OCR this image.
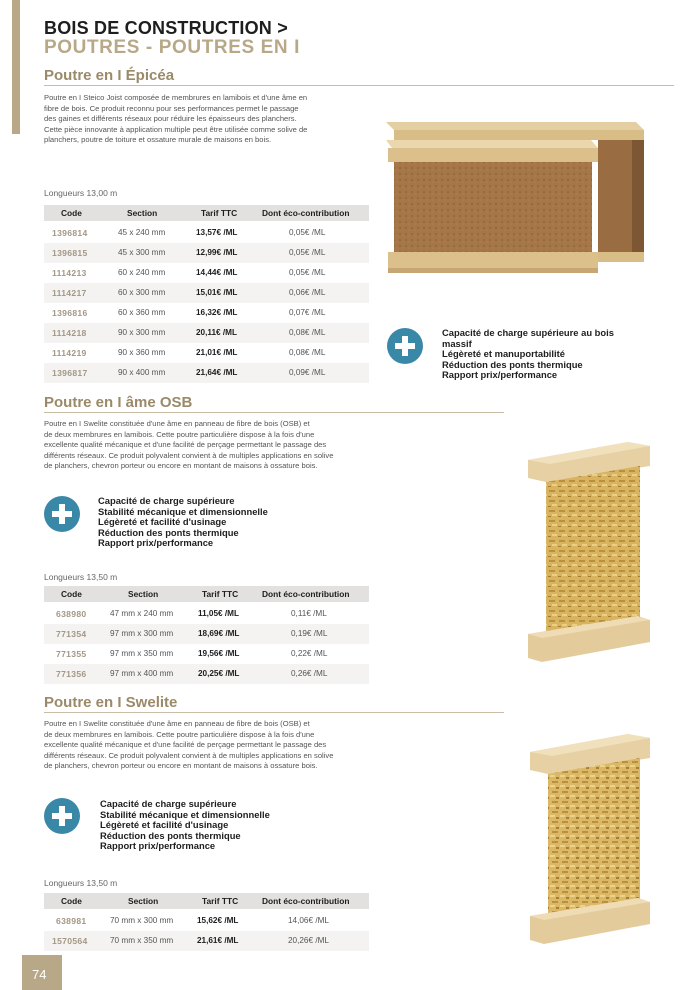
BOIS DE CONSTRUCTION >
POUTRES - POUTRES EN I
Poutre en I Épicéa
Poutre en I Steico Joist composée de membrures en lamibois et d'une âme en
fibre de bois. Ce produit reconnu pour ses performances permet le passage
des gaines et différents réseaux pour réduire les épaisseurs des planchers.
Cette pièce innovante à application multiple peut être utilisée comme solive de
planchers, poutre de toiture et ossature murale de maisons en bois.
Longueurs 13,00 m
Code	Section	Tarif TTC	Dont éco-contribution
1396814	45 x 240 mm	13,57€ /ML	0,05€ /ML
1396815	45 x 300 mm	12,99€ /ML	0,05€ /ML
1114213	60 x 240 mm	14,44€ /ML	0,05€ /ML
1114217	60 x 300 mm	15,01€ /ML	0,06€ /ML
1396816	60 x 360 mm	16,32€ /ML	0,07€ /ML
1114218	90 x 300 mm	20,11€ /ML	0,08€ /ML
1114219	90 x 360 mm	21,01€ /ML	0,08€ /ML
1396817	90 x 400 mm	21,64€ /ML	0,09€ /ML
Capacité de charge supérieure au bois
massif
Légèreté et manuportabilité
Réduction des ponts thermique
Rapport prix/performance
Poutre en I âme OSB
Poutre en I Swelite constituée d'une âme en panneau de fibre de bois (OSB) et
de deux membrures en lamibois. Cette poutre particulière dispose à la fois d'une
excellente qualité mécanique et d'une facilité de perçage permettant le passage des
différents réseaux. Ce produit polyvalent convient à de multiples applications en solive
de planchers, chevron porteur ou encore en montant de maisons à ossature bois.
Capacité de charge supérieure
Stabilité mécanique et dimensionnelle
Légèreté et facilité d'usinage
Réduction des ponts thermique
Rapport prix/performance
Longueurs 13,50 m
Code	Section	Tarif TTC	Dont éco-contribution
638980	47 mm x 240 mm	11,05€ /ML	0,11€ /ML
771354	97 mm x 300 mm	18,69€ /ML	0,19€ /ML
771355	97 mm x 350 mm	19,56€ /ML	0,22€ /ML
771356	97 mm x 400 mm	20,25€ /ML	0,26€ /ML
Poutre en I Swelite
Poutre en I Swelite constituée d'une âme en panneau de fibre de bois (OSB) et
de deux membrures en lamibois. Cette poutre particulière dispose à la fois d'une
excellente qualité mécanique et d'une facilité de perçage permettant le passage des
différents réseaux. Ce produit polyvalent convient à de multiples applications en solive
de planchers, chevron porteur ou encore en montant de maisons à ossature bois.
Capacité de charge supérieure
Stabilité mécanique et dimensionnelle
Légèreté et facilité d'usinage
Réduction des ponts thermique
Rapport prix/performance
Longueurs 13,50 m
Code	Section	Tarif TTC	Dont éco-contribution
638981	70 mm x 300 mm	15,62€ /ML	14,06€ /ML
1570564	70 mm x 350 mm	21,61€ /ML	20,26€ /ML
74
